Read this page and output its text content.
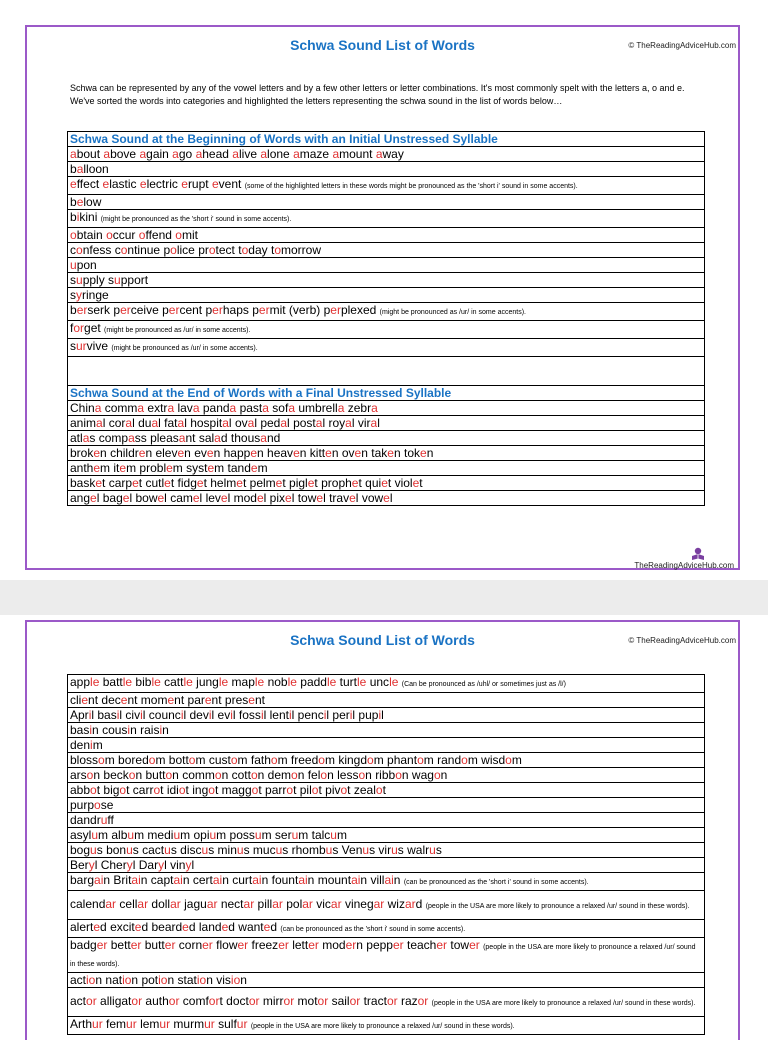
Schwa Sound List of Words	© TheReadingAdviceHub.com
Schwa can be represented by any of the vowel letters and by a few other letters or letter combinations. It's most commonly spelt with the letters a, o and e. We've sorted the words into categories and highlighted the letters representing the schwa sound in the list of words below…
Schwa Sound at the Beginning of Words with an Initial Unstressed Syllable
about above again ago ahead alive alone amaze amount away
balloon
effect elastic electric erupt event (some of the highlighted letters in these words might be pronounced as the 'short i' sound in some accents).
below
bikini (might be pronounced as the 'short i' sound in some accents).
obtain occur offend omit
confess continue police protect today tomorrow
upon
supply support
syringe
berserk perceive percent perhaps permit (verb) perplexed (might be pronounced as /ur/ in some accents).
forget (might be pronounced as /ur/ in some accents).
survive (might be pronounced as /ur/ in some accents).

Schwa Sound at the End of Words with a Final Unstressed Syllable
China comma extra lava panda pasta sofa umbrella zebra
animal coral dual fatal hospital oval pedal postal royal viral
atlas compass pleasant salad thousand
broken children eleven even happen heaven kitten oven taken token
anthem item problem system tandem
basket carpet cutlet fidget helmet pelmet piglet prophet quiet violet
angel bagel bowel camel level model pixel towel travel vowel
TheReadingAdviceHub.com
Schwa Sound List of Words	© TheReadingAdviceHub.com
apple battle bible cattle jungle maple noble paddle turtle uncle (Can be pronounced as /uhl/ or sometimes just as /l/)
client decent moment parent present
April basil civil council devil evil fossil lentil pencil peril pupil
basin cousin raisin
denim
blossom boredom bottom custom fathom freedom kingdom phantom random wisdom
arson beckon button common cotton demon felon lesson ribbon wagon
abbot bigot carrot idiot ingot maggot parrot pilot pivot zealot
purpose
dandruff
asylum album medium opium possum serum talcum
bogus bonus cactus discus minus mucus rhombus Venus virus walrus
Beryl Cheryl Daryl vinyl
bargain Britain captain certain curtain fountain mountain villain (can be pronounced as the 'short i' sound in some accents).
calendar cellar dollar jaguar nectar pillar polar vicar vinegar wizard (people in the USA are more likely to pronounce a relaxed /ur/ sound in these words).
alerted excited bearded landed wanted (can be pronounced as the 'short i' sound in some accents).
badger better butter corner flower freezer letter modern pepper teacher tower (people in the USA are more likely to pronounce a relaxed /ur/ sound in these words).
action nation potion station vision
actor alligator author comfort doctor mirror motor sailor tractor razor (people in the USA are more likely to pronounce a relaxed /ur/ sound in these words).
Arthur femur lemur murmur sulfur (people in the USA are more likely to pronounce a relaxed /ur/ sound in these words).
